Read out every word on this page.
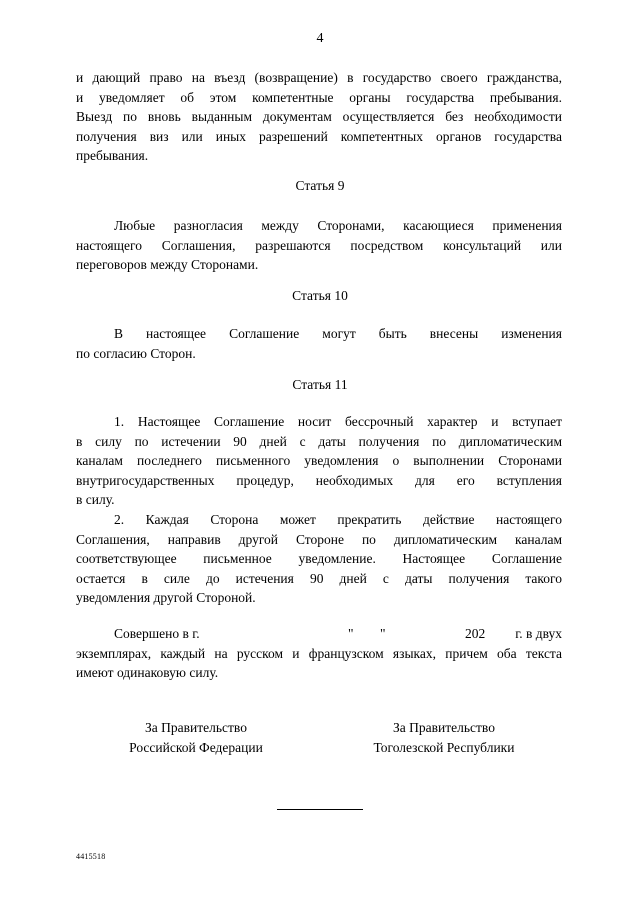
4
и дающий право на въезд (возвращение) в государство своего гражданства,
и уведомляет об этом компетентные органы государства пребывания.
Выезд по вновь выданным документам осуществляется без необходимости
получения виз или иных разрешений компетентных органов государства
пребывания.
Статья 9
Любые разногласия между Сторонами, касающиеся применения
настоящего Соглашения, разрешаются посредством консультаций или
переговоров между Сторонами.
Статья 10
В настоящее Соглашение могут быть внесены изменения
по согласию Сторон.
Статья 11
1. Настоящее Соглашение носит бессрочный характер и вступает
в силу по истечении 90 дней с даты получения по дипломатическим
каналам последнего письменного уведомления о выполнении Сторонами
внутригосударственных процедур, необходимых для его вступления
в силу.
2. Каждая Сторона может прекратить действие настоящего
Соглашения, направив другой Стороне по дипломатическим каналам
соответствующее письменное уведомление. Настоящее Соглашение
остается в силе до истечения 90 дней с даты получения такого
уведомления другой Стороной.
Совершено в г.	" "	202 г. в двух
экземплярах, каждый на русском и французском языках, причем оба текста
имеют одинаковую силу.
За Правительство
Российской Федерации
За Правительство
Тоголезской Республики
4415518
